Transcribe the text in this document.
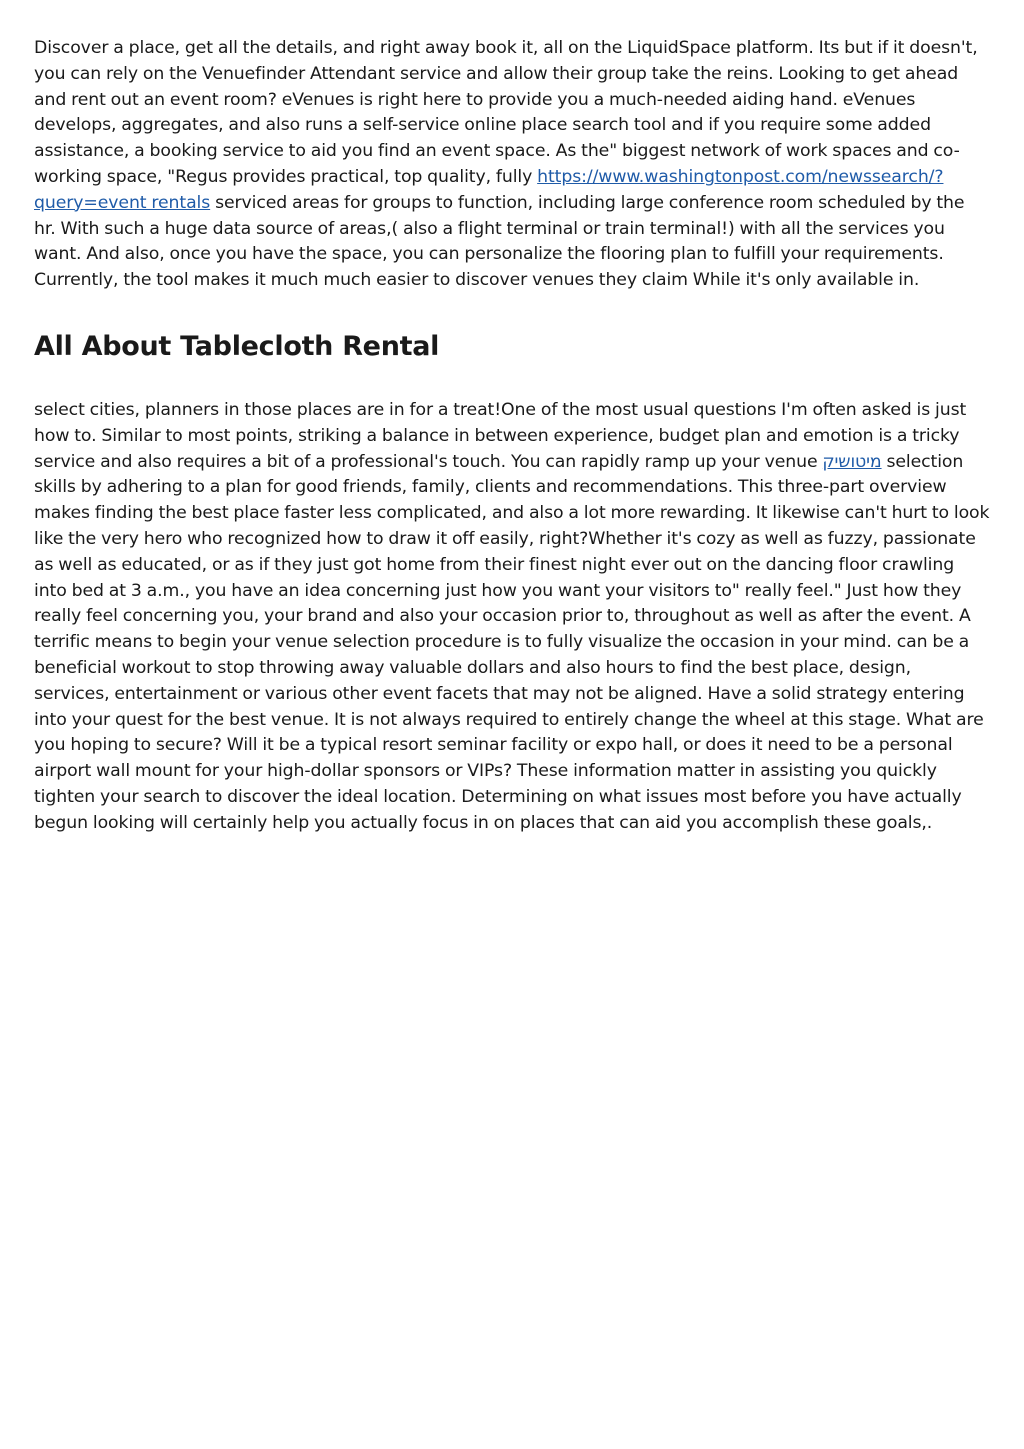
Discover a place, get all the details, and right away book it, all on the LiquidSpace platform. Its but if it doesn't, you can rely on the Venuefinder Attendant service and allow their group take the reins. Looking to get ahead and rent out an event room? eVenues is right here to provide you a much-needed aiding hand. eVenues develops, aggregates, and also runs a self-service online place search tool and if you require some added assistance, a booking service to aid you find an event space. As the" biggest network of work spaces and co-working space, "Regus provides practical, top quality, fully https://www.washingtonpost.com/newssearch/?query=event rentals serviced areas for groups to function, including large conference room scheduled by the hr. With such a huge data source of areas,( also a flight terminal or train terminal!) with all the services you want. And also, once you have the space, you can personalize the flooring plan to fulfill your requirements. Currently, the tool makes it much much easier to discover venues they claim While it's only available in.

All About Tablecloth Rental

select cities, planners in those places are in for a treat!One of the most usual questions I'm often asked is just how to. Similar to most points, striking a balance in between experience, budget plan and emotion is a tricky service and also requires a bit of a professional's touch. You can rapidly ramp up your venue מיטושיק selection skills by adhering to a plan for good friends, family, clients and recommendations. This three-part overview makes finding the best place faster less complicated, and also a lot more rewarding. It likewise can't hurt to look like the very hero who recognized how to draw it off easily, right?Whether it's cozy as well as fuzzy, passionate as well as educated, or as if they just got home from their finest night ever out on the dancing floor crawling into bed at 3 a.m., you have an idea concerning just how you want your visitors to" really feel." Just how they really feel concerning you, your brand and also your occasion prior to, throughout as well as after the event. A terrific means to begin your venue selection procedure is to fully visualize the occasion in your mind. can be a beneficial workout to stop throwing away valuable dollars and also hours to find the best place, design, services, entertainment or various other event facets that may not be aligned. Have a solid strategy entering into your quest for the best venue. It is not always required to entirely change the wheel at this stage. What are you hoping to secure? Will it be a typical resort seminar facility or expo hall, or does it need to be a personal airport wall mount for your high-dollar sponsors or VIPs? These information matter in assisting you quickly tighten your search to discover the ideal location. Determining on what issues most before you have actually begun looking will certainly help you actually focus in on places that can aid you accomplish these goals,.
